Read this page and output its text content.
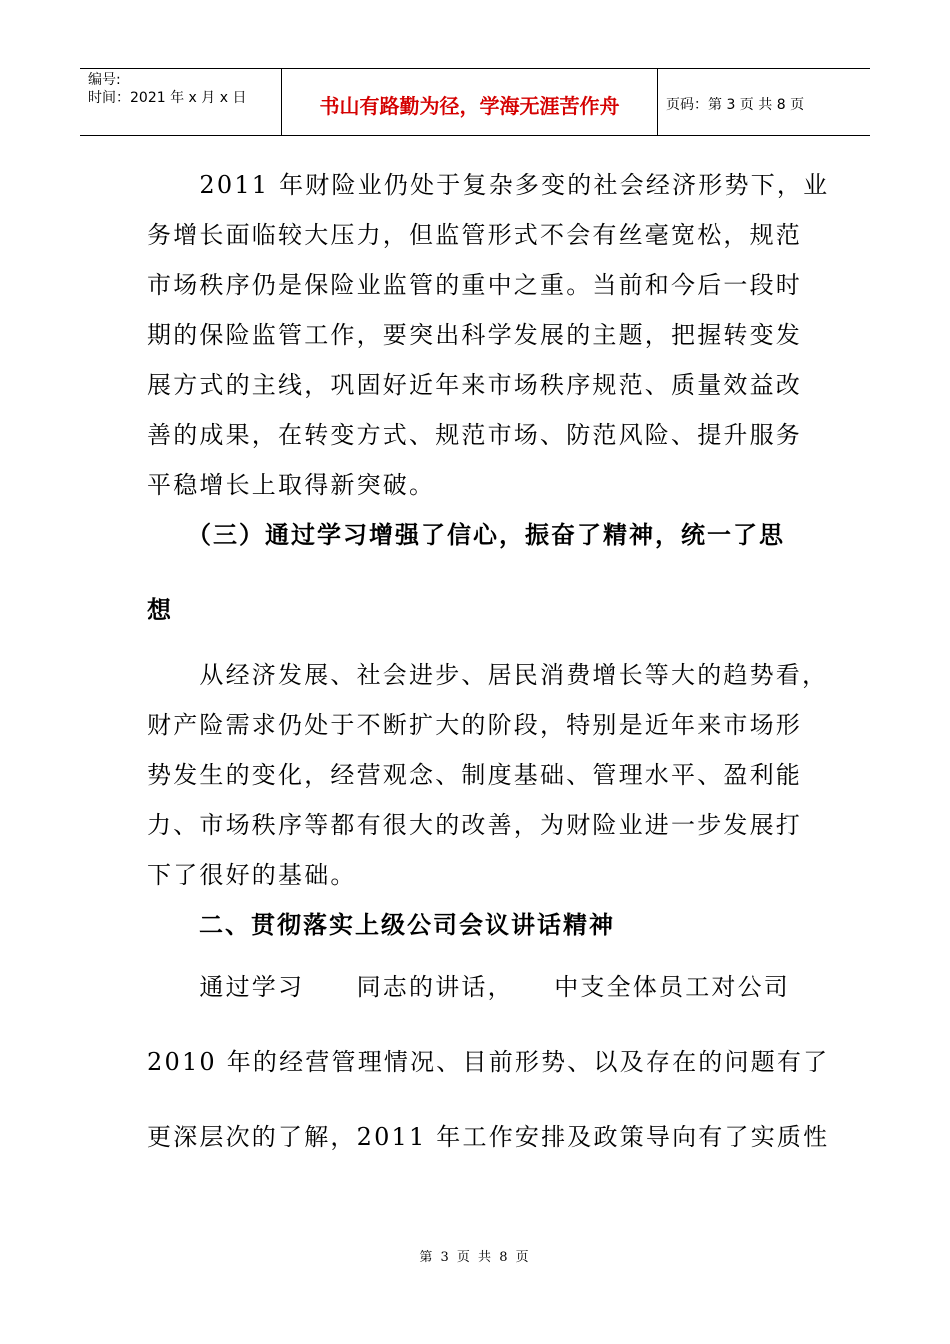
编号:
时间：2021 年 x 月 x 日	书山有路勤为径，学海无涯苦作舟	页码：第 3 页 共 8 页
　　2011 年财险业仍处于复杂多变的社会经济形势下，业
务增长面临较大压力，但监管形式不会有丝毫宽松，规范
市场秩序仍是保险业监管的重中之重。当前和今后一段时
期的保险监管工作，要突出科学发展的主题，把握转变发
展方式的主线，巩固好近年来市场秩序规范、质量效益改
善的成果，在转变方式、规范市场、防范风险、提升服务
平稳增长上取得新突破。
　　（三）通过学习增强了信心，振奋了精神，统一了思
想
　　从经济发展、社会进步、居民消费增长等大的趋势看，
财产险需求仍处于不断扩大的阶段，特别是近年来市场形
势发生的变化，经营观念、制度基础、管理水平、盈利能
力、市场秩序等都有很大的改善，为财险业进一步发展打
下了很好的基础。
　　二、贯彻落实上级公司会议讲话精神
　　通过学习　　同志的讲话，　　中支全体员工对公司
2010 年的经营管理情况、目前形势、以及存在的问题有了
更深层次的了解，2011 年工作安排及政策导向有了实质性
第 3 页 共 8 页
